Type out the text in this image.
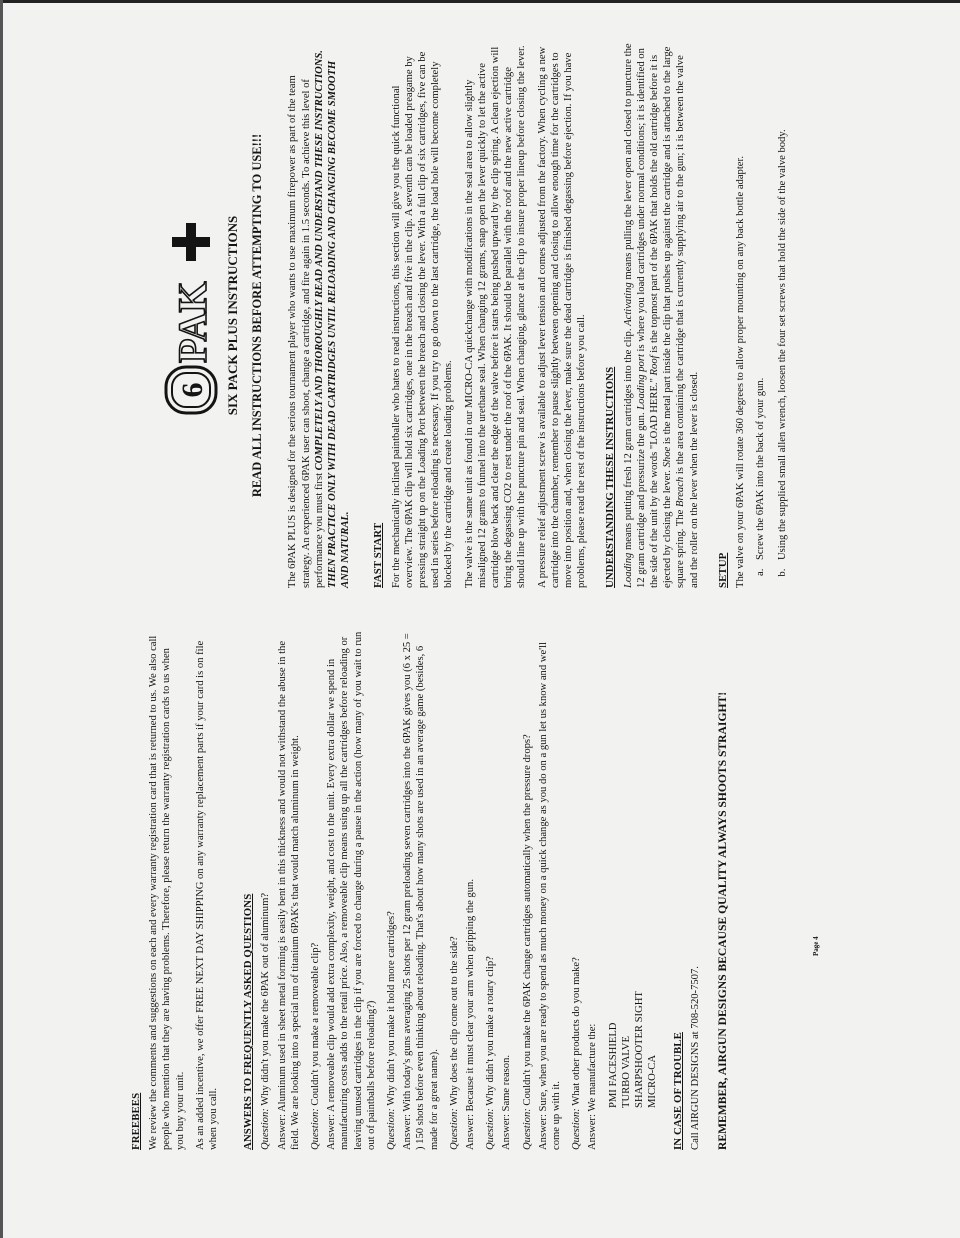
FREEBEES We review the comments and suggestions on each and every warranty registration card that is returned to us. We also call people who mention that they are having problems. Therefore, please return the warranty registration cards to us when you buy your unit. As an added incentive, we offer FREE NEXT DAY SHIPPING on any warranty replacement parts if your card is on file when you call. ANSWERS TO FREQUENTLY ASKED QUESTIONS Question: Why didn't you make the 6PAK out of aluminum?

Answer: Aluminum used in sheet metal forming is easily bent in this thickness and would not withstand the abuse in the field. We are looking into a special run of titanium 6PAK's that would match aluminum in weight. Question: Couldn't you make a removeable clip?

Answer: A removeable clip would add extra complexity, weight, and cost to the unit. Every extra dollar we spend in manufacturing costs adds to the retail price. Also, a removeable clip means using up all the cartridges before reloading or leaving unused cartridges in the clip if you are forced to change during a pause in the action (how many of you wait to run out of paintballs before reloading?) Question: Why didn't you make it hold more cartridges?

Answer: With today's guns averaging 25 shots per 12 gram preloading seven cartridges into the 6PAK gives you (6 x 25 = ) 150 shots before even thinking about reloading. That's about how many shots are used in an average game (besides, 6 made for a great name). Question: Why does the clip come out to the side?

Answer: Because it must clear your arm when gripping the gun.

Question: Why didn't you make a rotary clip?

Answer: Same reason.

Question: Couldn't you make the 6PAK change cartridges automatically when the pressure drops?

Answer: Sure, when you are ready to spend as much money on a quick change as you do on a gun let us know and we'll come up with it. Question: What other products do you make?

Answer: We manufacture the: PMI FACESHIELD TURBO VALVE SHARPSHOOTER SIGHT MICRO-CA IN CASE OF TROUBLE Call AIRGUN DESIGNS at 708-520-7507. REMEMBER, AIRGUN DESIGNS BECAUSE QUALITY ALWAYS SHOOTS STRAIGHT!	Page 4
6
PAK SIX PACK PLUS INSTRUCTIONS READ ALL INSTRUCTIONS BEFORE ATTEMPTING TO USE!!! The 6PAK PLUS is designed for the serious tournament player who wants to use maximum firepower as part of the team strategy. An experienced 6PAK user can shoot, change a cartridge, and fire again in 1.5 seconds. To achieve this level of performance you must first COMPLETELY AND THOROUGHLY READ AND UNDERSTAND THESE INSTRUCTIONS. THEN PRACTICE ONLY WITH DEAD CARTRIDGES UNTIL RELOADING AND CHANGING BECOME SMOOTH AND NATURAL. FAST START For the mechanically inclined paintballer who hates to read instructions, this section will give you the quick functional overview. The 6PAK clip will hold six cartridges, one in the breach and five in the clip. A seventh can be loaded preagame by pressing straight up on the Loading Port between the breach and closing the lever. With a full clip of six cartridges, five can be used in series before reloading is necessary. If you try to go down to the last cartridge, the load hole will become completely blocked by the cartridge and create loading problems. The valve is the same unit as found in our MICRO-CA quickchange with modifications in the seal area to allow slightly misaligned 12 grams to funnel into the urethane seal. When changing 12 grams, snap open the lever quickly to let the active cartridge blow back and clear the edge of the valve before it starts being pushed upward by the clip spring. A clean ejection will bring the degassing CO2 to rest under the roof of the 6PAK. It should be parallel with the roof and the new active cartridge should line up with the puncture pin and seal. When changing, glance at the clip to insure proper lineup before closing the lever. A pressure relief adjustment screw is available to adjust lever tension and comes adjusted from the factory. When cycling a new cartridge into the chamber, remember to pause slightly between opening and closing to allow enough time for the cartridges to move into position and, when closing the lever, make sure the dead cartridge is finished degassing before ejection. If you have problems, please read the rest of the instructions before you call. UNDERSTANDING THESE INSTRUCTIONS Loading means putting fresh 12 gram cartridges into the clip. Activating means pulling the lever open and closed to puncture the 12 gram cartridge and pressurize the gun. Loading port is where you load cartridges under normal conditions; it is identified on the side of the unit by the words "LOAD HERE." Roof is the topmost part of the 6PAK that holds the old cartridge before it is ejected by closing the lever. Shoe is the metal part inside the clip that pushes up against the cartridge and is attached to the large square spring. The Breach is the area containing the cartridge that is currently supplying air to the gun; it is between the valve and the roller on the lever when the lever is closed. SETUP The valve on your 6PAK will rotate 360 degrees to allow proper mounting on any back bottle adapter. a. Screw the 6PAK into the back of your gun. b. Using the supplied small allen wrench, loosen the four set screws that hold the side of the valve body.
